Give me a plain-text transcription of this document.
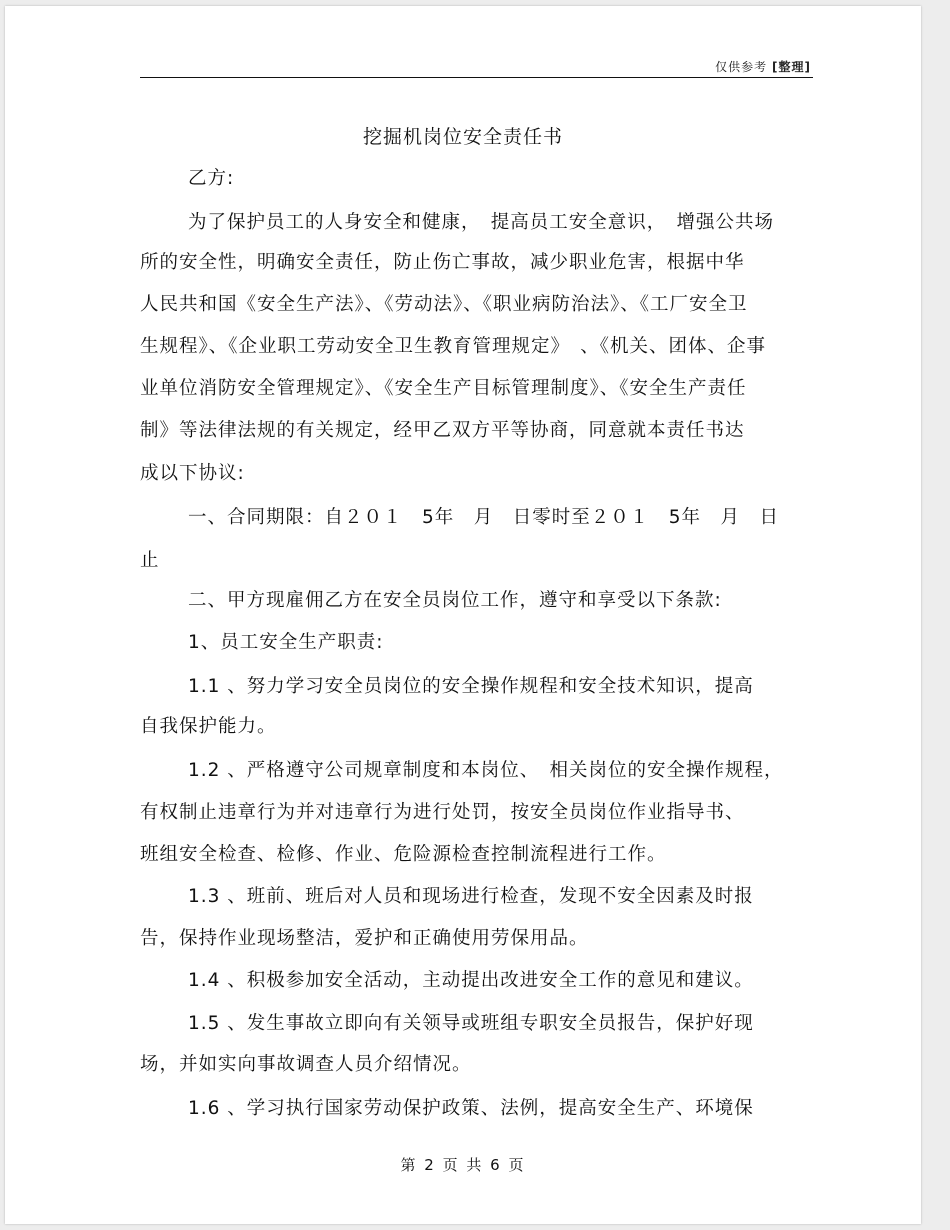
仅供参考 [整理]
挖掘机岗位安全责任书
乙方:
为了保护员工的人身安全和健康，　提高员工安全意识，　增强公共场
所的安全性，明确安全责任，防止伤亡事故，减少职业危害，根据中华
人民共和国《安全生产法》、《劳动法》、《职业病防治法》、《工厂安全卫
生规程》、《企业职工劳动安全卫生教育管理规定》　、《机关、团体、企事
业单位消防安全管理规定》、《安全生产目标管理制度》、《安全生产责任
制》等法律法规的有关规定，经甲乙双方平等协商，同意就本责任书达
成以下协议:
一、合同期限：自２０１　5年　月　日零时至２０１　5年　月　日
止
二、甲方现雇佣乙方在安全员岗位工作，遵守和享受以下条款:
1、员工安全生产职责:
1.1 、努力学习安全员岗位的安全操作规程和安全技术知识，提高
自我保护能力。
1.2 、严格遵守公司规章制度和本岗位、　相关岗位的安全操作规程，
有权制止违章行为并对违章行为进行处罚，按安全员岗位作业指导书、
班组安全检查、检修、作业、危险源检查控制流程进行工作。
1.3 、班前、班后对人员和现场进行检查，发现不安全因素及时报
告，保持作业现场整洁，爱护和正确使用劳保用品。
1.4 、积极参加安全活动，主动提出改进安全工作的意见和建议。
1.5 、发生事故立即向有关领导或班组专职安全员报告，保护好现
场，并如实向事故调查人员介绍情况。
1.6 、学习执行国家劳动保护政策、法例，提高安全生产、环境保
第 2 页 共 6 页
